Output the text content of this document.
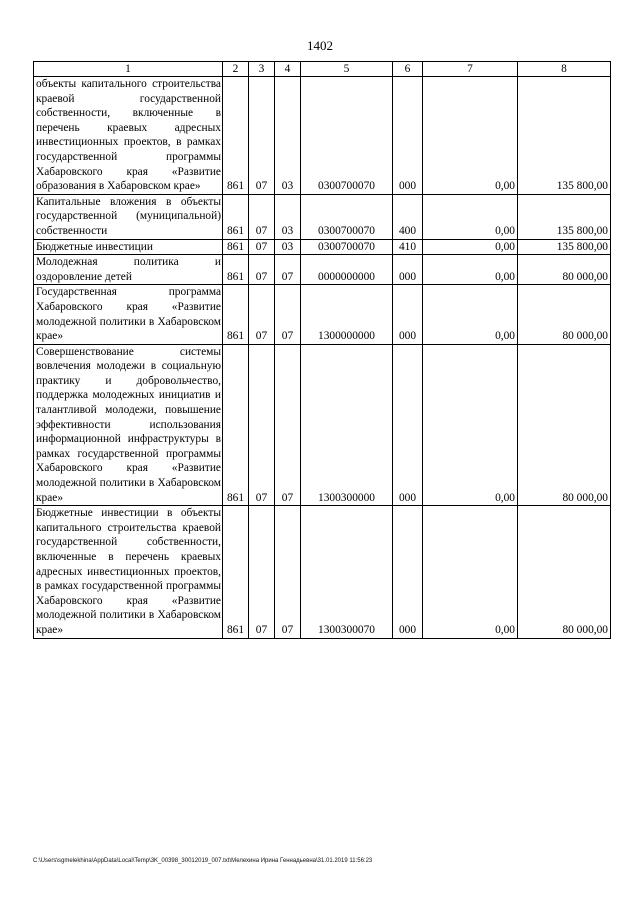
1402
1	2	3	4	5	6	7	8
объекты капитального строительства краевой государственной собственности, включенные в перечень краевых адресных инвестиционных проектов, в рамках государственной программы Хабаровского края «Развитие образования в Хабаровском крае»	861	07	03	0300700070	000	0,00	135 800,00
Капитальные вложения в объекты государственной (муниципальной) собственности	861	07	03	0300700070	400	0,00	135 800,00
Бюджетные инвестиции	861	07	03	0300700070	410	0,00	135 800,00
Молодежная политика и оздоровление детей	861	07	07	0000000000	000	0,00	80 000,00
Государственная программа Хабаровского края «Развитие молодежной политики в Хабаровском крае»	861	07	07	1300000000	000	0,00	80 000,00
Совершенствование системы вовлечения молодежи в социальную практику и добровольчество, поддержка молодежных инициатив и талантливой молодежи, повышение эффективности использования информационной инфраструктуры в рамках государственной программы Хабаровского края «Развитие молодежной политики в Хабаровском крае»	861	07	07	1300300000	000	0,00	80 000,00
Бюджетные инвестиции в объекты капитального строительства краевой государственной собственности, включенные в перечень краевых адресных инвестиционных проектов, в рамках государственной программы Хабаровского края «Развитие молодежной политики в Хабаровском крае»	861	07	07	1300300070	000	0,00	80 000,00
C:\Users\sgmelekhina\AppData\Local\Temp\3K_00398_30012019_007.txt\Мелехина Ирина Геннадьевна\31.01.2019 11:56:23
